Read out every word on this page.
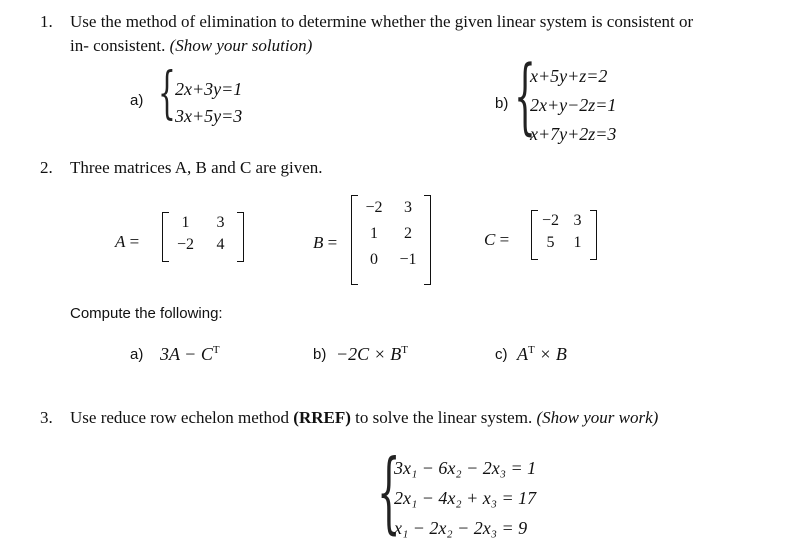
1. Use the method of elimination to determine whether the given linear system is consistent or
in- consistent. (Show your solution)
a) { 2x+3y=1
3x+5y=3
b) {
x+5y+z=2
2x+y−2z=1
x+7y+2z=3
2. Three matrices A, B and C are given.
A =
1	3
−2	4	B =
−2	3
1	2
0	−1
C =
−2 3
5	1
Compute the following:
a) $3A - C^T$	$b) -2C \times B^T$	c) $A^T \times B$
3. Use reduce row echelon method (RREF) to solve the linear system. (Show your work)
{
3x₁ − 6x₂ − 2x₃ = 1
2x₁ − 4x₂ + x₃ = 17
x₁ − 2x₂ − 2x₃ = 9
